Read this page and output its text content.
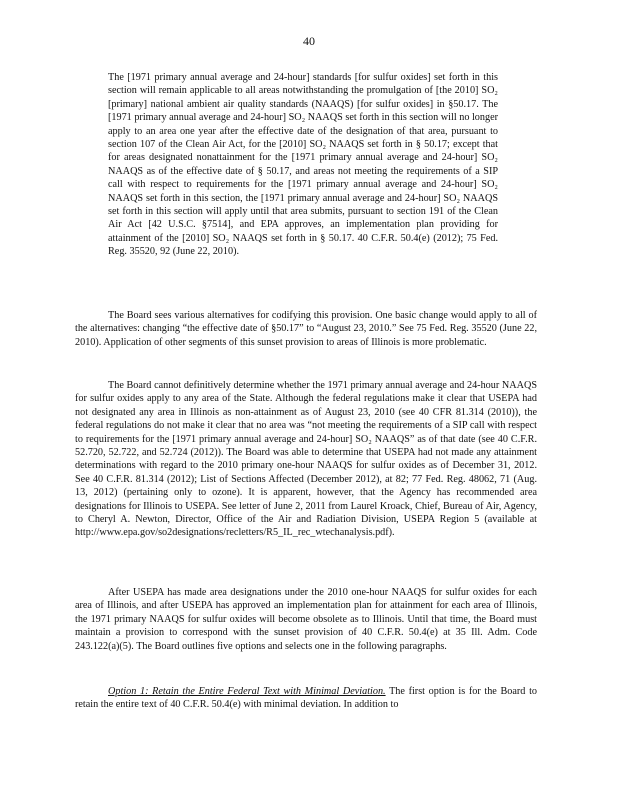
40
The [1971 primary annual average and 24-hour] standards [for sulfur oxides] set forth in this section will remain applicable to all areas notwithstanding the promulgation of [the 2010] SO₂ [primary] national ambient air quality standards (NAAQS) [for sulfur oxides] in §50.17. The [1971 primary annual average and 24-hour] SO₂ NAAQS set forth in this section will no longer apply to an area one year after the effective date of the designation of that area, pursuant to section 107 of the Clean Air Act, for the [2010] SO₂ NAAQS set forth in § 50.17; except that for areas designated nonattainment for the [1971 primary annual average and 24-hour] SO₂ NAAQS as of the effective date of § 50.17, and areas not meeting the requirements of a SIP call with respect to requirements for the [1971 primary annual average and 24-hour] SO₂ NAAQS set forth in this section, the [1971 primary annual average and 24-hour] SO₂ NAAQS set forth in this section will apply until that area submits, pursuant to section 191 of the Clean Air Act [42 U.S.C. §7514], and EPA approves, an implementation plan providing for attainment of the [2010] SO₂ NAAQS set forth in § 50.17. 40 C.F.R. 50.4(e) (2012); 75 Fed. Reg. 35520, 92 (June 22, 2010).
The Board sees various alternatives for codifying this provision. One basic change would apply to all of the alternatives: changing “the effective date of §50.17” to “August 23, 2010.” See 75 Fed. Reg. 35520 (June 22, 2010). Application of other segments of this sunset provision to areas of Illinois is more problematic.
The Board cannot definitively determine whether the 1971 primary annual average and 24-hour NAAQS for sulfur oxides apply to any area of the State. Although the federal regulations make it clear that USEPA had not designated any area in Illinois as non-attainment as of August 23, 2010 (see 40 CFR 81.314 (2010)), the federal regulations do not make it clear that no area was “not meeting the requirements of a SIP call with respect to requirements for the [1971 primary annual average and 24-hour] SO₂ NAAQS” as of that date (see 40 C.F.R. 52.720, 52.722, and 52.724 (2012)). The Board was able to determine that USEPA had not made any attainment determinations with regard to the 2010 primary one-hour NAAQS for sulfur oxides as of December 31, 2012. See 40 C.F.R. 81.314 (2012); List of Sections Affected (December 2012), at 82; 77 Fed. Reg. 48062, 71 (Aug. 13, 2012) (pertaining only to ozone). It is apparent, however, that the Agency has recommended area designations for Illinois to USEPA. See letter of June 2, 2011 from Laurel Kroack, Chief, Bureau of Air, Agency, to Cheryl A. Newton, Director, Office of the Air and Radiation Division, USEPA Region 5 (available at http://www.epa.gov/so2designations/recletters/R5_IL_rec_wtechanalysis.pdf).
After USEPA has made area designations under the 2010 one-hour NAAQS for sulfur oxides for each area of Illinois, and after USEPA has approved an implementation plan for attainment for each area of Illinois, the 1971 primary NAAQS for sulfur oxides will become obsolete as to Illinois. Until that time, the Board must maintain a provision to correspond with the sunset provision of 40 C.F.R. 50.4(e) at 35 Ill. Adm. Code 243.122(a)(5). The Board outlines five options and selects one in the following paragraphs.
Option 1: Retain the Entire Federal Text with Minimal Deviation. The first option is for the Board to retain the entire text of 40 C.F.R. 50.4(e) with minimal deviation. In addition to
